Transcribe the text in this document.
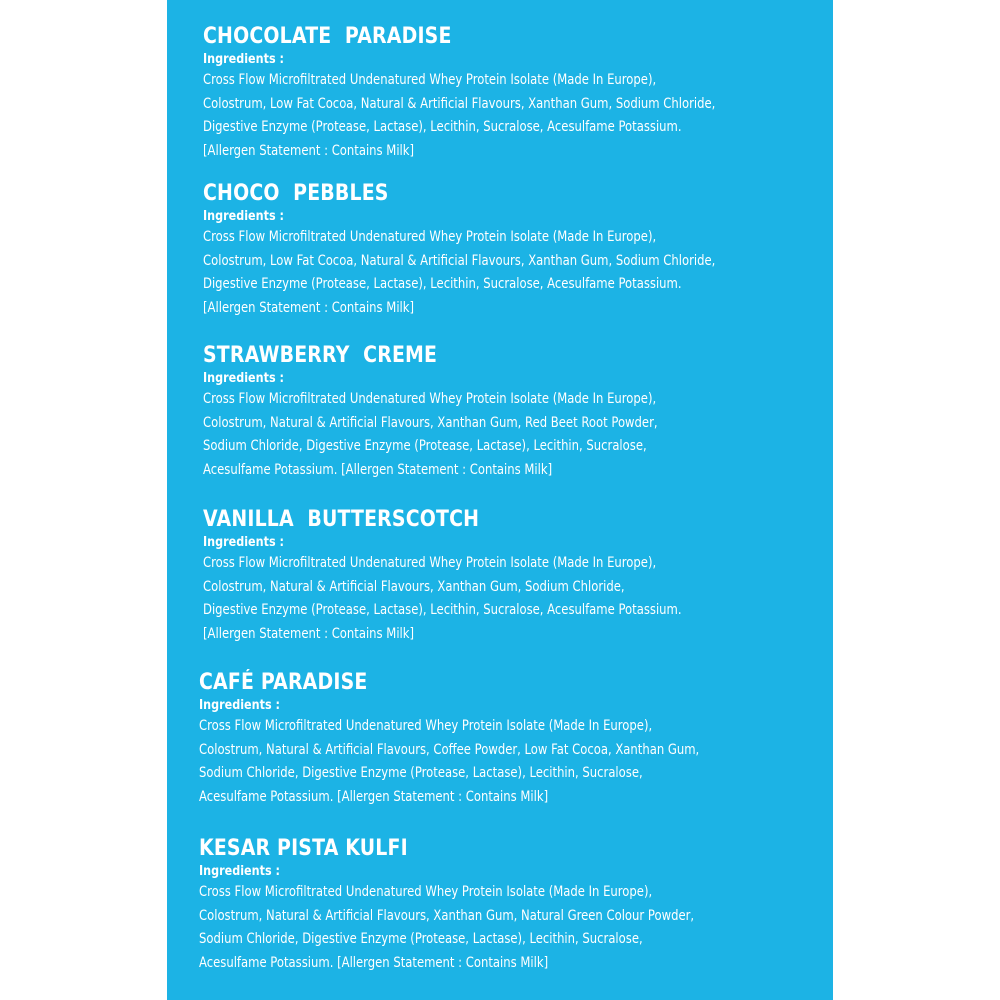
CHOCOLATE  PARADISE
Ingredients :
Cross Flow Microfiltrated Undenatured Whey Protein Isolate (Made In Europe),
Colostrum, Low Fat Cocoa, Natural & Artificial Flavours, Xanthan Gum, Sodium Chloride,
Digestive Enzyme (Protease, Lactase), Lecithin, Sucralose, Acesulfame Potassium.
[Allergen Statement : Contains Milk]
CHOCO  PEBBLES
Ingredients :
Cross Flow Microfiltrated Undenatured Whey Protein Isolate (Made In Europe),
Colostrum, Low Fat Cocoa, Natural & Artificial Flavours, Xanthan Gum, Sodium Chloride,
Digestive Enzyme (Protease, Lactase), Lecithin, Sucralose, Acesulfame Potassium.
[Allergen Statement : Contains Milk]
STRAWBERRY  CREME
Ingredients :
Cross Flow Microfiltrated Undenatured Whey Protein Isolate (Made In Europe),
Colostrum, Natural & Artificial Flavours, Xanthan Gum, Red Beet Root Powder,
Sodium Chloride, Digestive Enzyme (Protease, Lactase), Lecithin, Sucralose,
Acesulfame Potassium. [Allergen Statement : Contains Milk]
VANILLA  BUTTERSCOTCH
Ingredients :
Cross Flow Microfiltrated Undenatured Whey Protein Isolate (Made In Europe),
Colostrum, Natural & Artificial Flavours, Xanthan Gum, Sodium Chloride,
Digestive Enzyme (Protease, Lactase), Lecithin, Sucralose, Acesulfame Potassium.
[Allergen Statement : Contains Milk]
CAFÉ PARADISE
Ingredients :
Cross Flow Microfiltrated Undenatured Whey Protein Isolate (Made In Europe),
Colostrum, Natural & Artificial Flavours, Coffee Powder, Low Fat Cocoa, Xanthan Gum,
Sodium Chloride, Digestive Enzyme (Protease, Lactase), Lecithin, Sucralose,
Acesulfame Potassium. [Allergen Statement : Contains Milk]
KESAR PISTA KULFI
Ingredients :
Cross Flow Microfiltrated Undenatured Whey Protein Isolate (Made In Europe),
Colostrum, Natural & Artificial Flavours, Xanthan Gum, Natural Green Colour Powder,
Sodium Chloride, Digestive Enzyme (Protease, Lactase), Lecithin, Sucralose,
Acesulfame Potassium. [Allergen Statement : Contains Milk]
